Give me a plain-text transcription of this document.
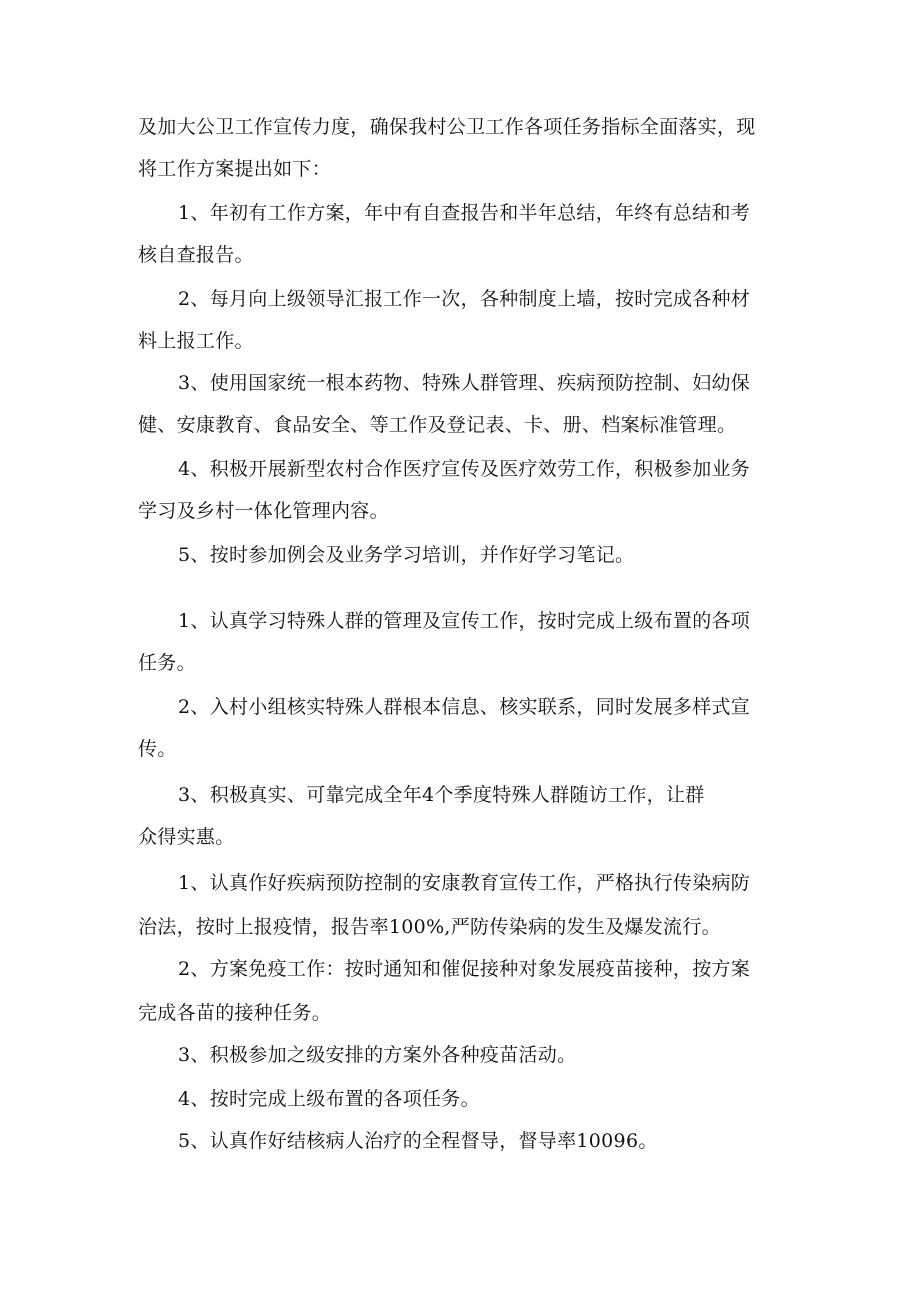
及加大公卫工作宣传力度，确保我村公卫工作各项任务指标全面落实，现

将工作方案提出如下：

1、年初有工作方案，年中有自查报告和半年总结，年终有总结和考

核自查报告。

2、每月向上级领导汇报工作一次，各种制度上墙，按时完成各种材

料上报工作。

3、使用国家统一根本药物、特殊人群管理、疾病预防控制、妇幼保

健、安康教育、食品安全、等工作及登记表、卡、册、档案标准管理。

4、积极开展新型农村合作医疗宣传及医疗效劳工作，积极参加业务

学习及乡村一体化管理内容。

5、按时参加例会及业务学习培训，并作好学习笔记。

1、认真学习特殊人群的管理及宣传工作，按时完成上级布置的各项

任务。

2、入村小组核实特殊人群根本信息、核实联系，同时发展多样式宣

传。

3、积极真实、可靠完成全年4个季度特殊人群随访工作，让群

众得实惠。

1、认真作好疾病预防控制的安康教育宣传工作，严格执行传染病防

治法，按时上报疫情，报告率100%,严防传染病的发生及爆发流行。

2、方案免疫工作：按时通知和催促接种对象发展疫苗接种，按方案

完成各苗的接种任务。

3、积极参加之级安排的方案外各种疫苗活动。

4、按时完成上级布置的各项任务。

5、认真作好结核病人治疗的全程督导，督导率10096。
